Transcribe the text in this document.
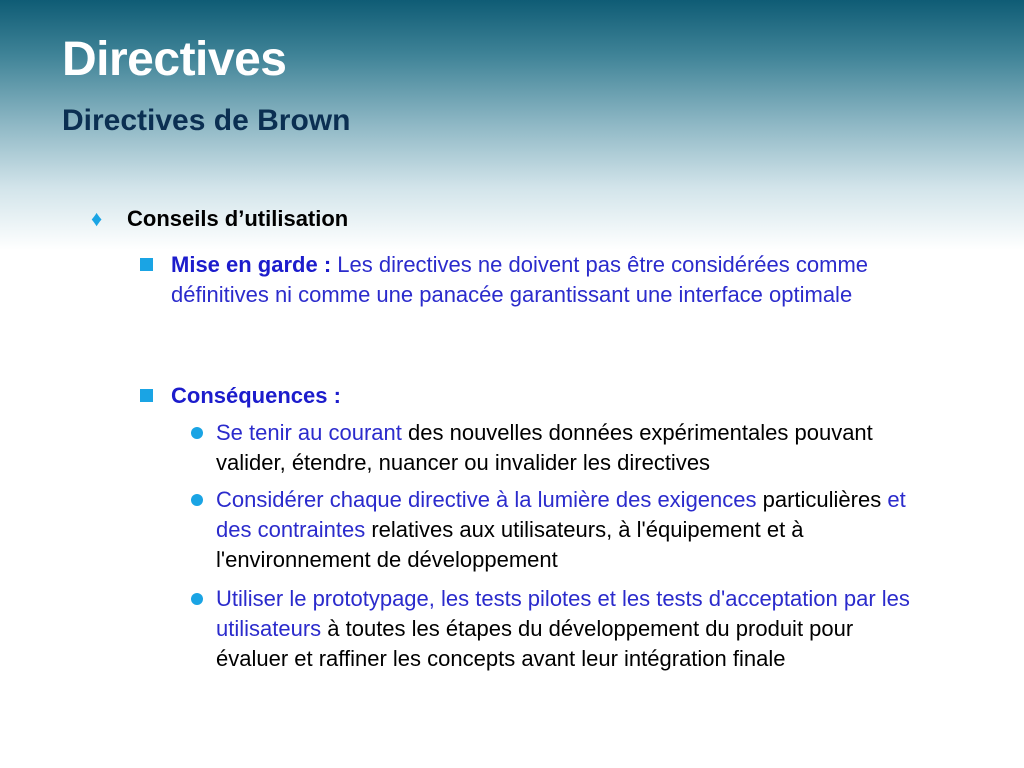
Directives
Directives de Brown
♦ Conseils d’utilisation
Mise en garde : Les directives ne doivent pas être considérées comme définitives ni comme une panacée garantissant une interface optimale
Conséquences :
Se tenir au courant des nouvelles données expérimentales pouvant valider, étendre, nuancer ou invalider les directives
Considérer chaque directive à la lumière des exigences particulières et des contraintes relatives aux utilisateurs, à l'équipement et à l'environnement de développement
Utiliser le prototypage, les tests pilotes et les tests d'acceptation par les utilisateurs à toutes les étapes du développement du produit pour évaluer et raffiner les concepts avant leur intégration finale
